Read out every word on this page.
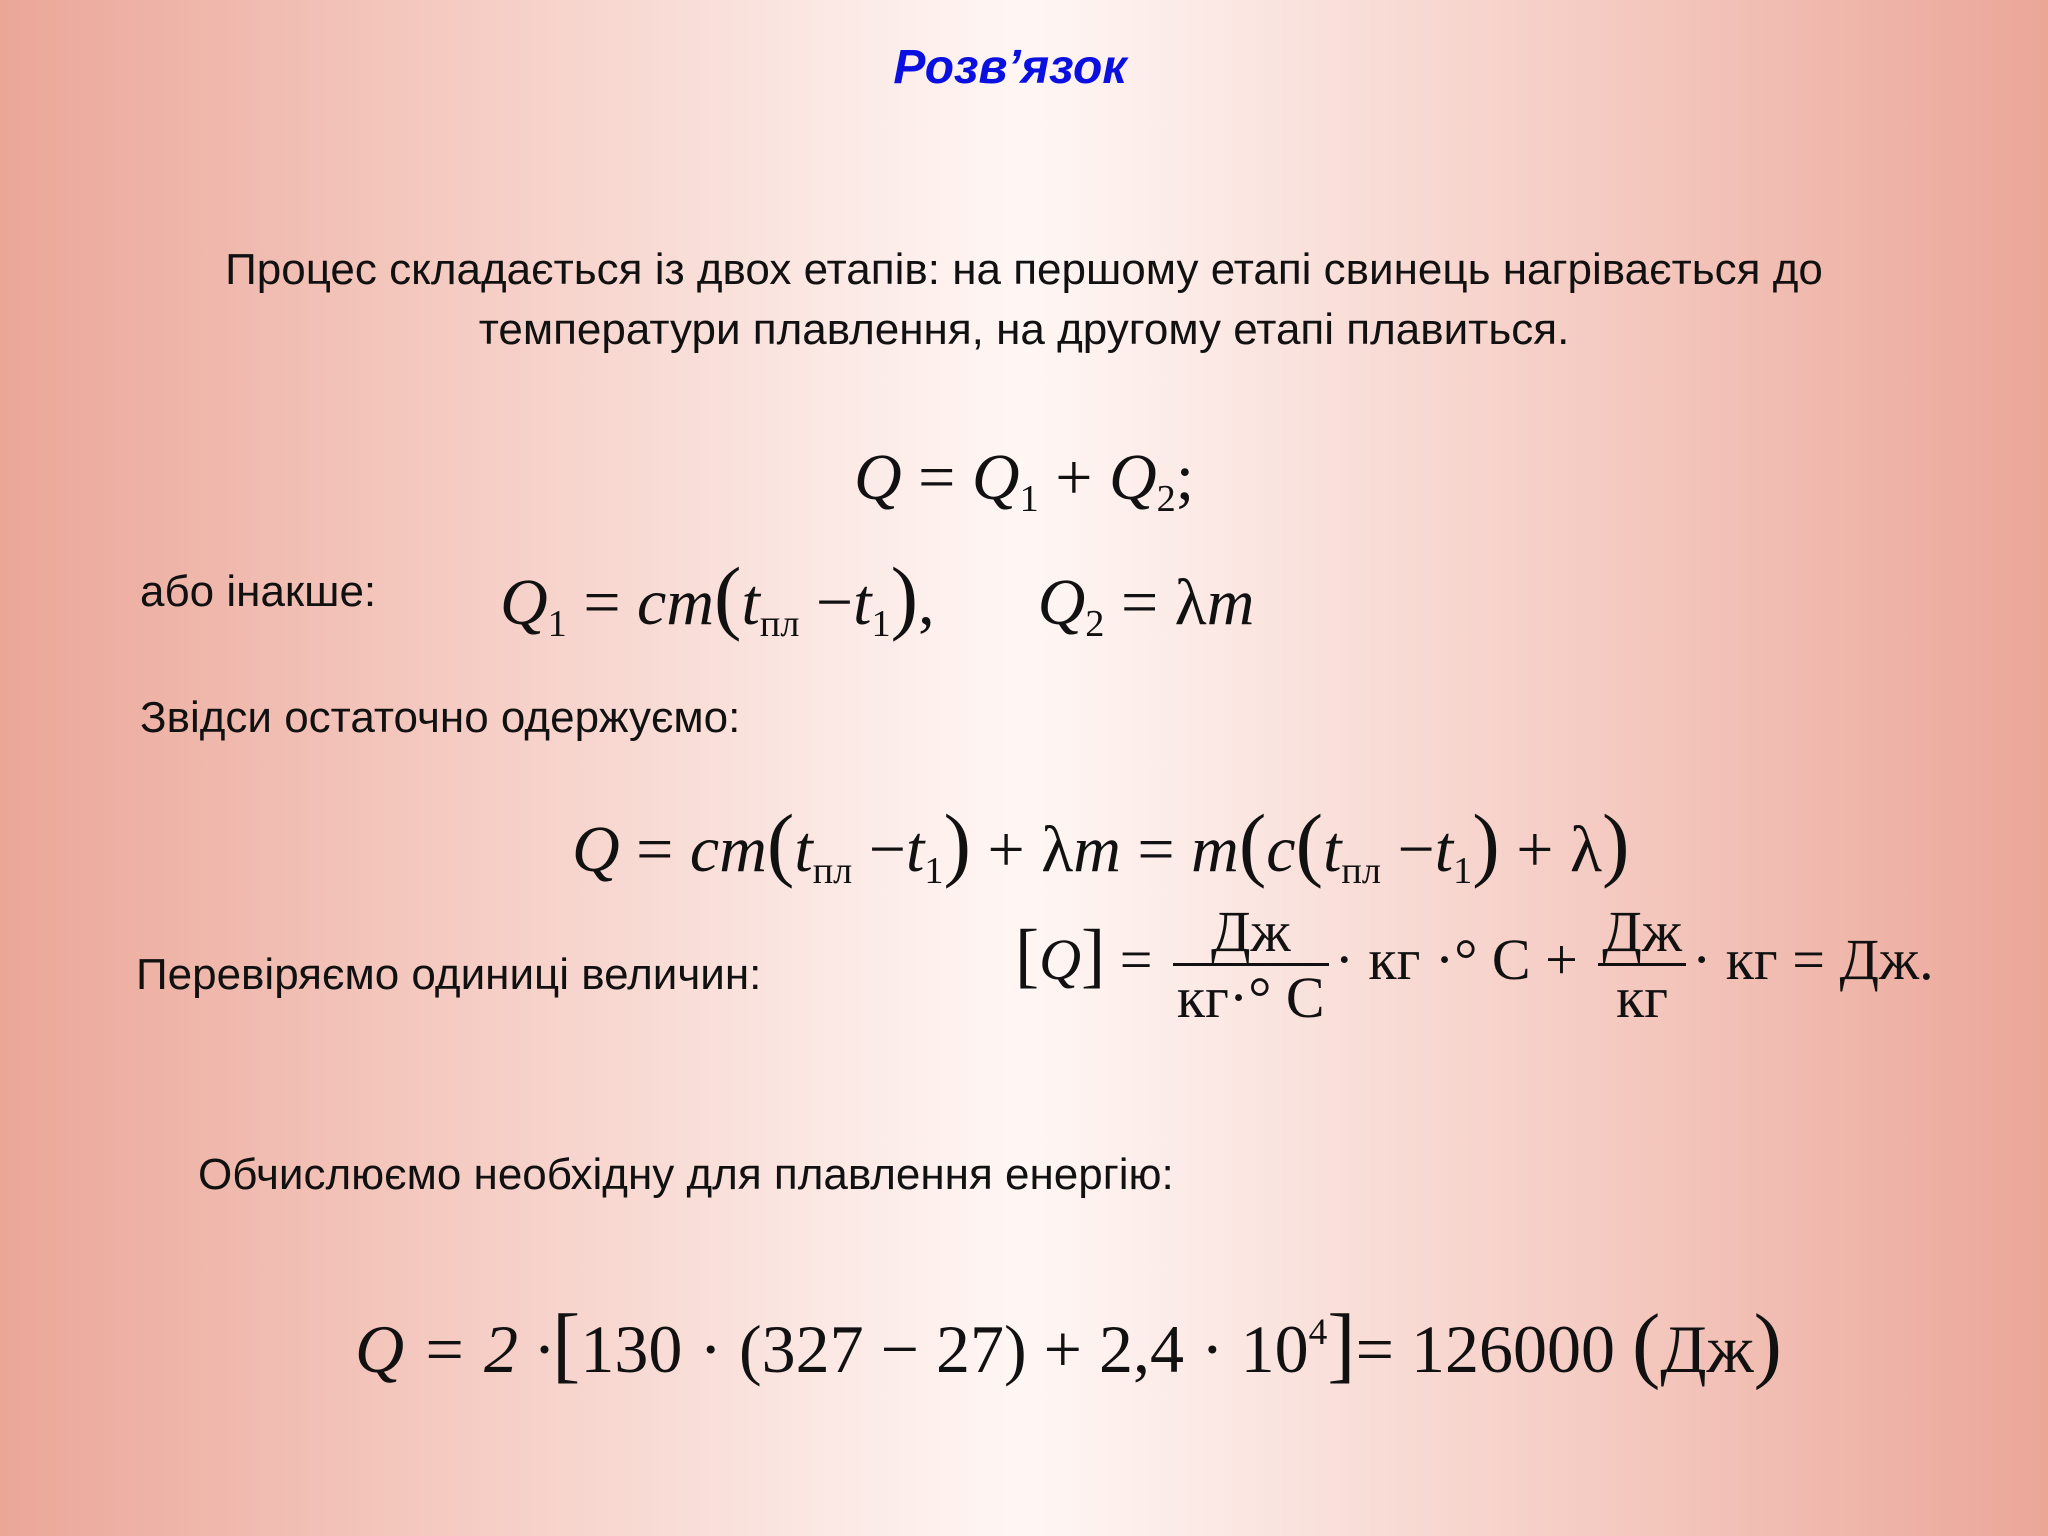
Розв’язок
Процес складається із двох етапів: на першому етапі свинець нагрівається до
температури плавлення, на другому етапі плавиться.
$Q = Q_1 + Q_2$;
або інакше: $Q_1 = cm(t_{пл} -t_1)$, $Q_2 = \lambda m$
Звідси остаточно одержуємо:
$Q = cm(t_{пл} -t_1) + \lambda m = m(c(t_{пл} -t_1) + \lambda)$
Перевіряємо одиниці величин:	$[Q] = \frac{Дж}{кг\cdot^\circ C}$ · кг ·° $C + \frac{Дж}{кг}$ · кг = Дж.
Обчислюємо необхідну для плавлення енергію:
$Q = 2 \cdot[130 \cdot (327 - 27) + 2,4 \cdot 10^4]= 126000$ (Дж)
